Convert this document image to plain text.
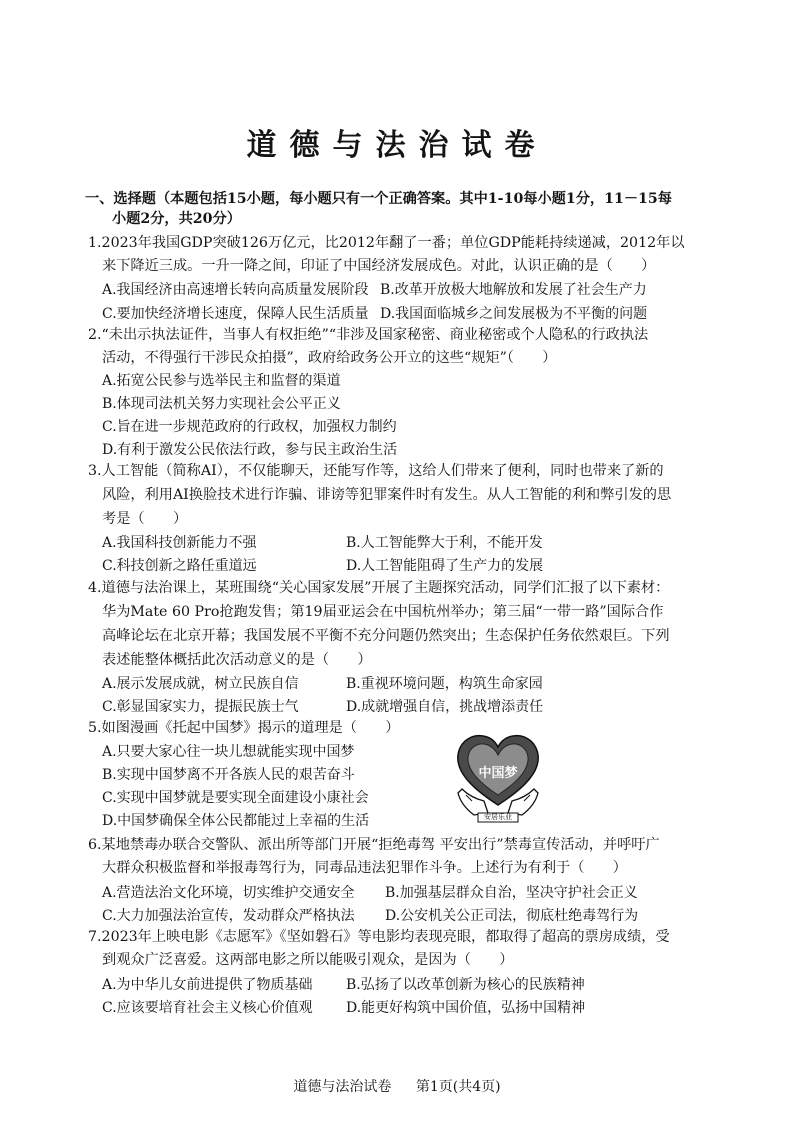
道德与法治试卷
一、选择题（本题包括15小题，每小题只有一个正确答案。其中1-10每小题1分，11－15每
小题2分，共20分）
1.2023年我国GDP突破126万亿元，比2012年翻了一番；单位GDP能耗持续递减，2012年以
来下降近三成。一升一降之间，印证了中国经济发展成色。对此，认识正确的是（　　）
A.我国经济由高速增长转向高质量发展阶段 B.改革开放极大地解放和发展了社会生产力
C.要加快经济增长速度，保障人民生活质量 D.我国面临城乡之间发展极为不平衡的问题
2.“未出示执法证件，当事人有权拒绝”“非涉及国家秘密、商业秘密或个人隐私的行政执法
活动，不得强行干涉民众拍摄”，政府给政务公开立的这些“规矩”（　　）
A.拓宽公民参与选举民主和监督的渠道
B.体现司法机关努力实现社会公平正义
C.旨在进一步规范政府的行政权，加强权力制约
D.有利于激发公民依法行政，参与民主政治生活
3.人工智能（简称AI），不仅能聊天，还能写作等，这给人们带来了便利，同时也带来了新的
风险，利用AI换脸技术进行诈骗、诽谤等犯罪案件时有发生。从人工智能的利和弊引发的思
考是（　　）
A.我国科技创新能力不强	B.人工智能弊大于利，不能开发
C.科技创新之路任重道远	D.人工智能阻碍了生产力的发展
4.道德与法治课上，某班围绕“关心国家发展”开展了主题探究活动，同学们汇报了以下素材：
华为Mate 60 Pro抢跑发售；第19届亚运会在中国杭州举办；第三届“一带一路”国际合作
高峰论坛在北京开幕；我国发展不平衡不充分问题仍然突出；生态保护任务依然艰巨。下列
表述能整体概括此次活动意义的是（　　）
A.展示发展成就，树立民族自信	B.重视环境问题，构筑生命家园
C.彰显国家实力，提振民族士气	D.成就增强自信，挑战增添责任
5.如图漫画《托起中国梦》揭示的道理是（　　）
A.只要大家心往一块儿想就能实现中国梦
B.实现中国梦离不开各族人民的艰苦奋斗
C.实现中国梦就是要实现全面建设小康社会
D.中国梦确保全体公民都能过上幸福的生活
中国梦
安居乐业
6.某地禁毒办联合交警队、派出所等部门开展“拒绝毒驾 平安出行”禁毒宣传活动，并呼吁广
大群众积极监督和举报毒驾行为，同毒品违法犯罪作斗争。上述行为有利于（　　）
A.营造法治文化环境，切实维护交通安全 B.加强基层群众自治，坚决守护社会正义
C.大力加强法治宣传，发动群众严格执法 D.公安机关公正司法，彻底杜绝毒驾行为
7.2023年上映电影《志愿军》《坚如磐石》等电影均表现亮眼，都取得了超高的票房成绩，受
到观众广泛喜爱。这两部电影之所以能吸引观众，是因为（　　）
A.为中华儿女前进提供了物质基础 B.弘扬了以改革创新为核心的民族精神
C.应该要培育社会主义核心价值观 D.能更好构筑中国价值，弘扬中国精神
道德与法治试卷 第1页(共4页)
